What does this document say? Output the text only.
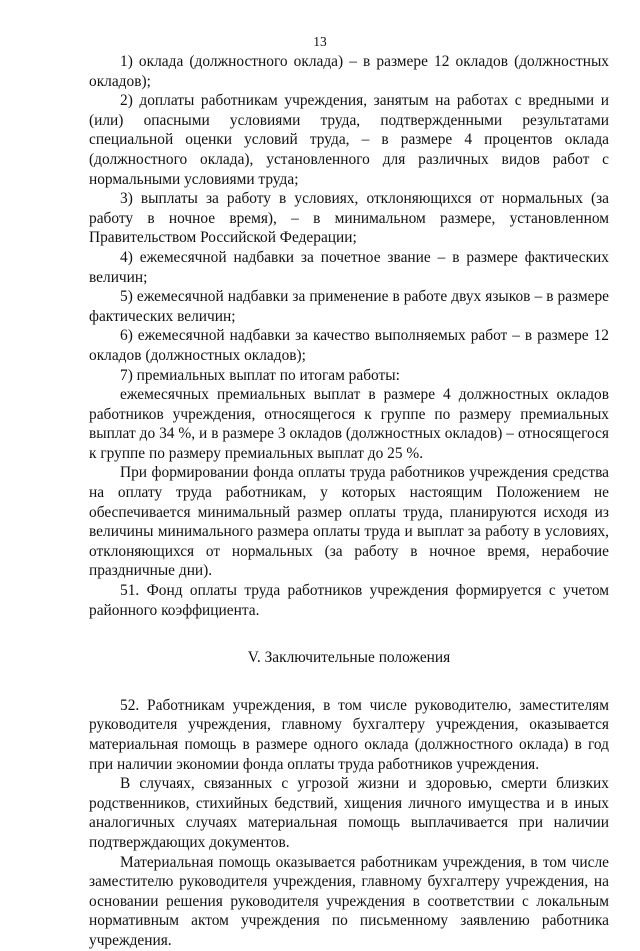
13

1) оклада (должностного оклада) – в размере 12 окладов (должностных окладов);

2) доплаты работникам учреждения, занятым на работах с вредными и (или) опасными условиями труда, подтвержденными результатами специальной оценки условий труда, – в размере 4 процентов оклада (должностного оклада), установленного для различных видов работ с нормальными условиями труда;

3) выплаты за работу в условиях, отклоняющихся от нормальных (за работу в ночное время), – в минимальном размере, установленном Правительством Российской Федерации;

4) ежемесячной надбавки за почетное звание – в размере фактических величин;

5) ежемесячной надбавки за применение в работе двух языков – в размере фактических величин;

6) ежемесячной надбавки за качество выполняемых работ – в размере 12 окладов (должностных окладов);

7) премиальных выплат по итогам работы:

ежемесячных премиальных выплат в размере 4 должностных окладов работников учреждения, относящегося к группе по размеру премиальных выплат до 34 %, и в размере 3 окладов (должностных окладов) – относящегося к группе по размеру премиальных выплат до 25 %.

При формировании фонда оплаты труда работников учреждения средства на оплату труда работникам, у которых настоящим Положением не обеспечивается минимальный размер оплаты труда, планируются исходя из величины минимального размера оплаты труда и выплат за работу в условиях, отклоняющихся от нормальных (за работу в ночное время, нерабочие праздничные дни).

51. Фонд оплаты труда работников учреждения формируется с учетом районного коэффициента.

V. Заключительные положения

52. Работникам учреждения, в том числе руководителю, заместителям руководителя учреждения, главному бухгалтеру учреждения, оказывается материальная помощь в размере одного оклада (должностного оклада) в год при наличии экономии фонда оплаты труда работников учреждения.

В случаях, связанных с угрозой жизни и здоровью, смерти близких родственников, стихийных бедствий, хищения личного имущества и в иных аналогичных случаях материальная помощь выплачивается при наличии подтверждающих документов.

Материальная помощь оказывается работникам учреждения, в том числе заместителю руководителя учреждения, главному бухгалтеру учреждения, на основании решения руководителя учреждения в соответствии с локальным нормативным актом учреждения по письменному заявлению работника учреждения.
